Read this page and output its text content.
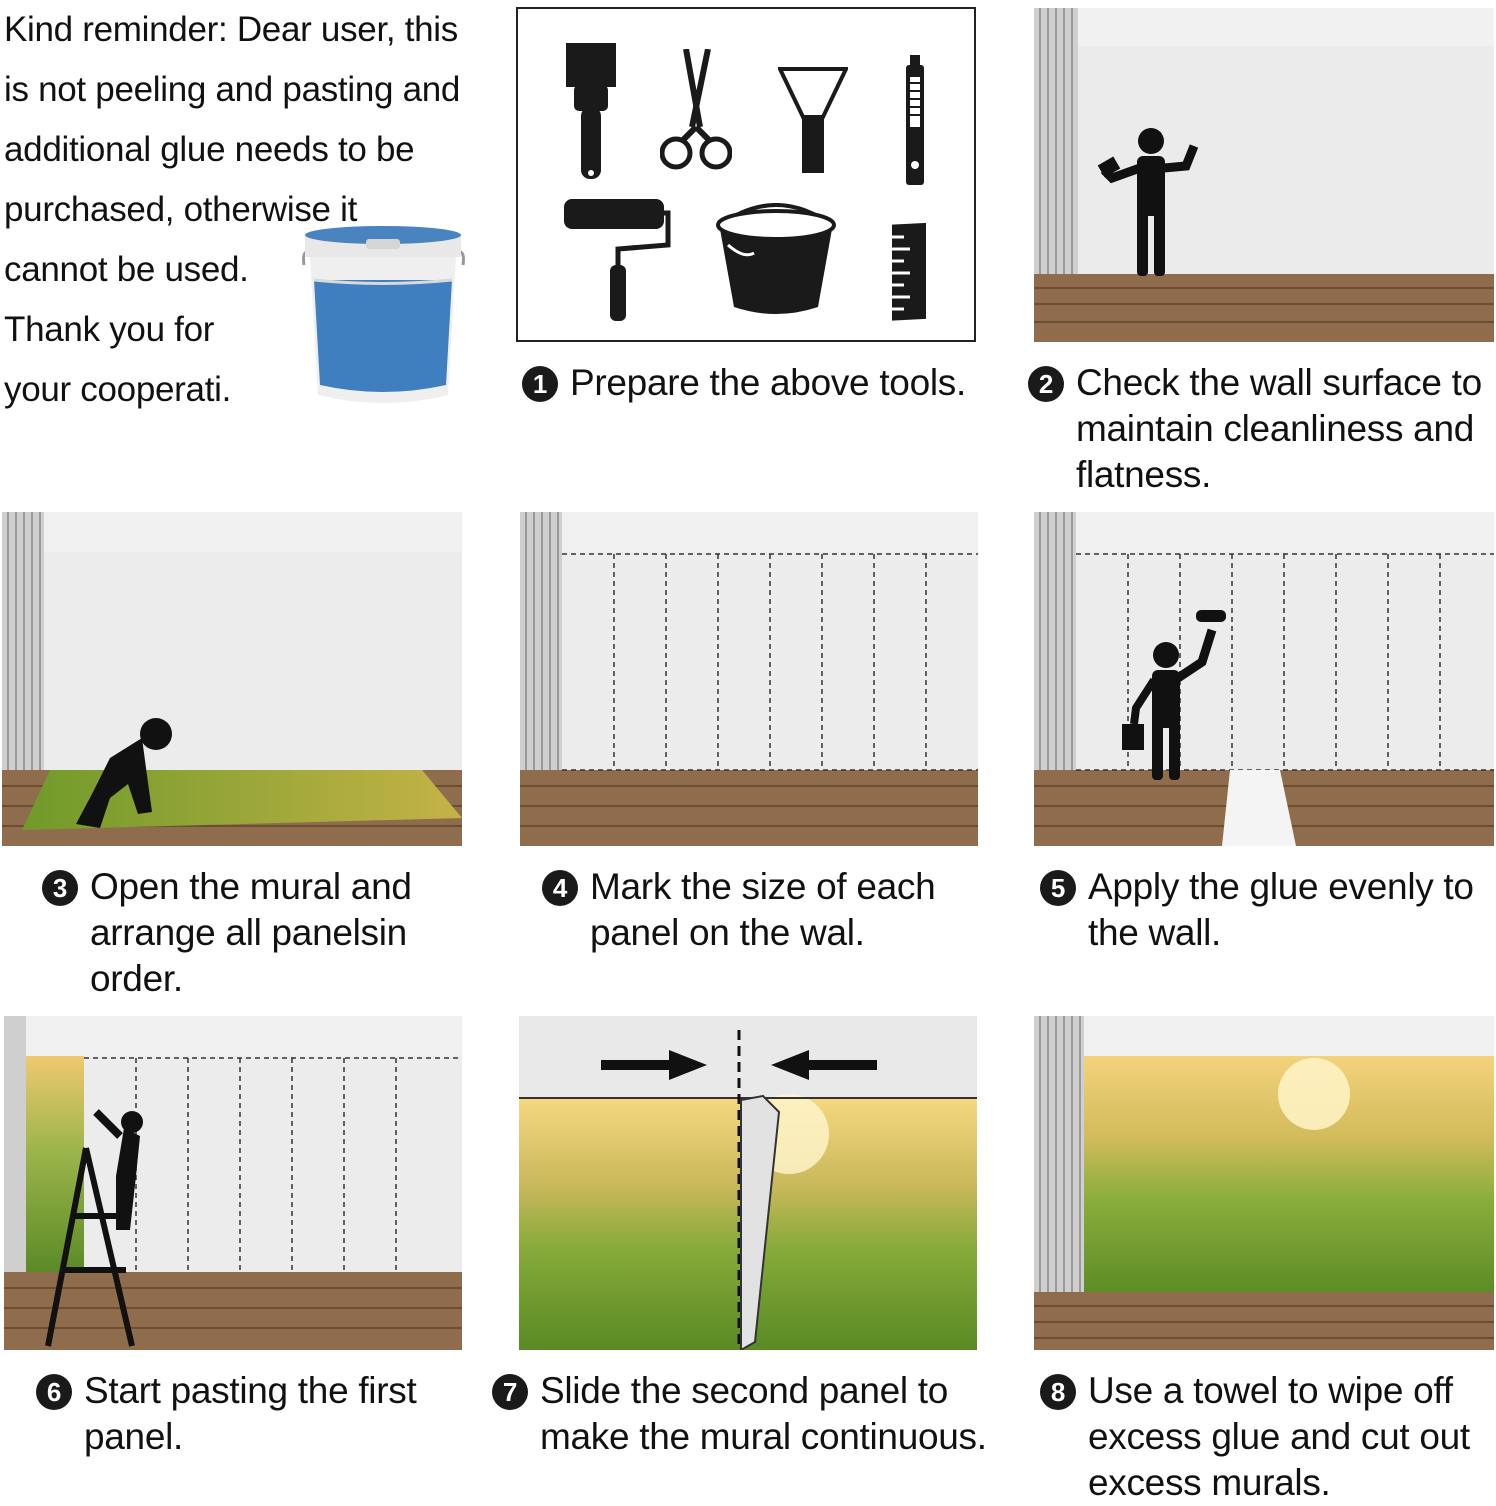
Kind reminder: Dear user, this
is not peeling and pasting and
additional glue needs to be
purchased, otherwise it
cannot be used.
Thank you for
your cooperati.	1 Prepare the above tools.	2 Check the wall surface to
maintain cleanliness and
flatness.
3 Open the mural and
arrange all panelsin
order.
4 Mark the size of each
panel on the wal.
5 Apply the glue evenly to
the wall.
6 Start pasting the first
panel.
7 Slide the second panel to
make the mural continuous.
8 Use a towel to wipe off
excess glue and cut out
excess murals.
